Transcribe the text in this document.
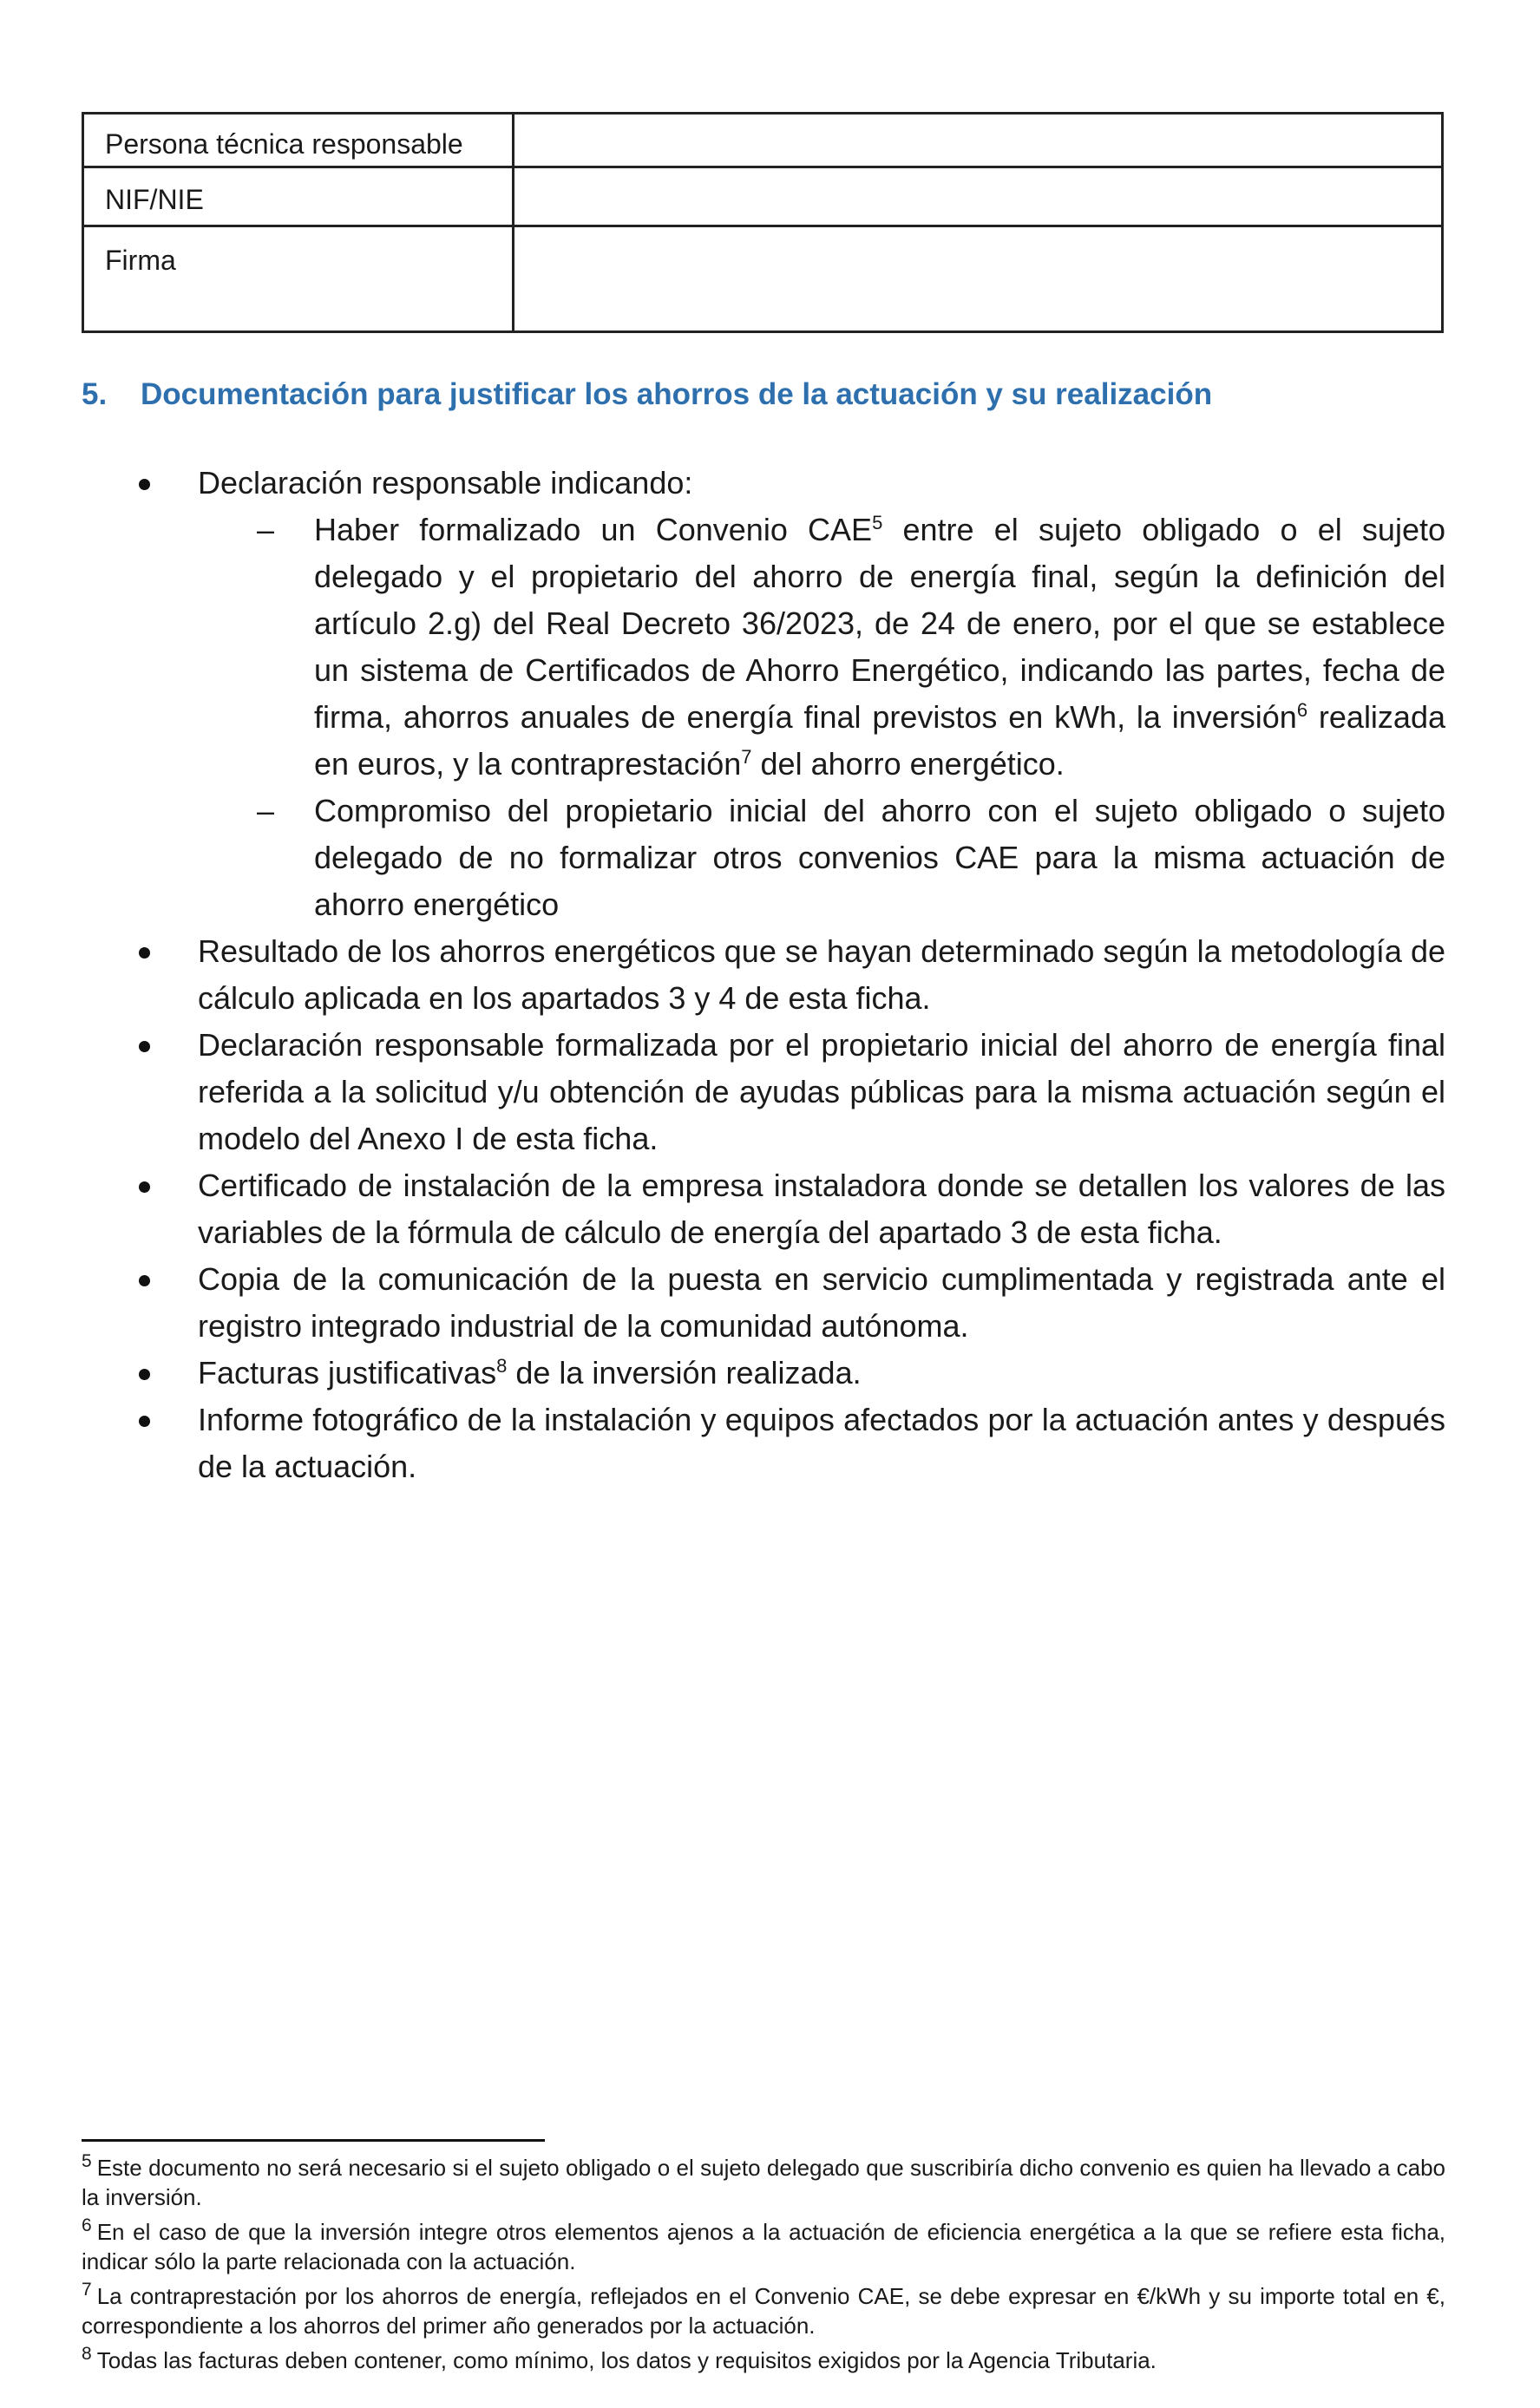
Persona técnica responsable	
NIF/NIE	
Firma	
5. Documentación para justificar los ahorros de la actuación y su realización
Declaración responsable indicando:
– Haber formalizado un Convenio CAE$^5$ entre el sujeto obligado o el sujeto delegado y el propietario del ahorro de energía final, según la definición del artículo 2.g) del Real Decreto 36/2023, de 24 de enero, por el que se establece un sistema de Certificados de Ahorro Energético, indicando las partes, fecha de firma, ahorros anuales de energía final previstos en kWh, la inversión$^6$ realizada en euros, y la contraprestación$^7$ del ahorro energético.
– Compromiso del propietario inicial del ahorro con el sujeto obligado o sujeto delegado de no formalizar otros convenios CAE para la misma actuación de ahorro energético
Resultado de los ahorros energéticos que se hayan determinado según la metodología de cálculo aplicada en los apartados 3 y 4 de esta ficha.
Declaración responsable formalizada por el propietario inicial del ahorro de energía final referida a la solicitud y/u obtención de ayudas públicas para la misma actuación según el modelo del Anexo I de esta ficha.
Certificado de instalación de la empresa instaladora donde se detallen los valores de las variables de la fórmula de cálculo de energía del apartado 3 de esta ficha.
Copia de la comunicación de la puesta en servicio cumplimentada y registrada ante el registro integrado industrial de la comunidad autónoma.
Facturas justificativas$^8$ de la inversión realizada.
Informe fotográfico de la instalación y equipos afectados por la actuación antes y después de la actuación.

$^5$ Este documento no será necesario si el sujeto obligado o el sujeto delegado que suscribiría dicho convenio es quien ha llevado a cabo la inversión.

$^6$ En el caso de que la inversión integre otros elementos ajenos a la actuación de eficiencia energética a la que se refiere esta ficha, indicar sólo la parte relacionada con la actuación.

$^7$ La contraprestación por los ahorros de energía, reflejados en el Convenio CAE, se debe expresar en €/kWh y su importe total en €, correspondiente a los ahorros del primer año generados por la actuación.

$^8$ Todas las facturas deben contener, como mínimo, los datos y requisitos exigidos por la Agencia Tributaria.
